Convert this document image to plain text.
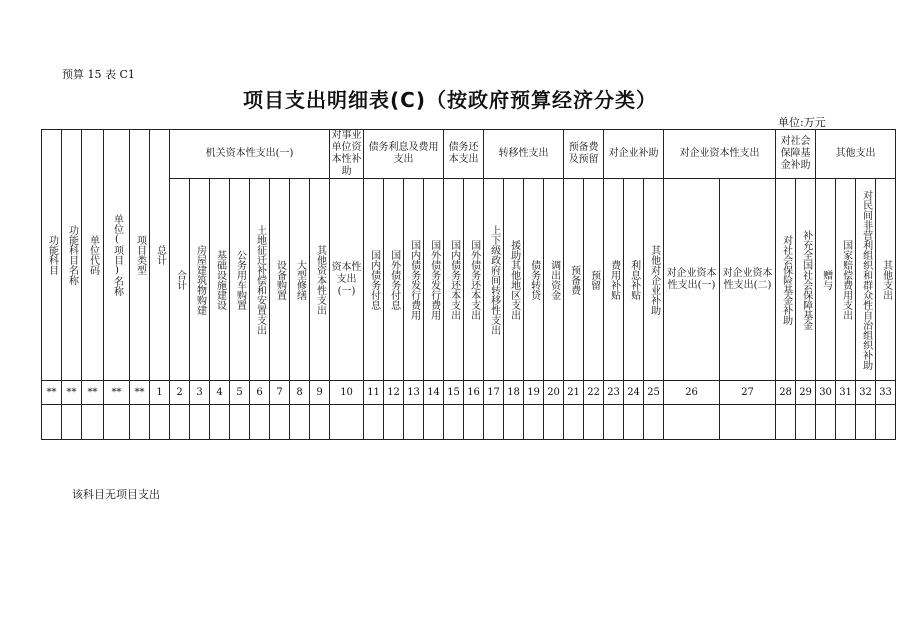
预算 15 表 C1
项目支出明细表(C)（按政府预算经济分类）
单位:万元
功能科目	功能科目名称	单位代码	单位(项目)名称	项目类型	总计	机关资本性支出(一)								对事业单位资本性补助	债务利息及费用支出				债务还本支出		转移性支出				预备费及预留		对企业补助			对企业资本性支出		对社会保障基金补助		其他支出			
						合计	房屋建筑物购建	基础设施建设	公务用车购置	土地征迁补偿和安置支出	设备购置	大型修缮	其他资本性支出	资本性支出(一)	国内债务付息	国外债务付息	国内债务发行费用	国外债务发行费用	国内债务还本支出	国外债务还本支出	上下级政府间转移性支出	援助其他地区支出	债务转贷	调出资金	预备费	预留	费用补贴	利息补贴	其他对企业补助	对企业资本性支出(一)	对企业资本性支出(二)	对社会保险基金补助	补充全国社会保障基金	赠与	国家赔偿费用支出	对民间非营利组织和群众性自治组织补助	其他支出
**	**	**	**	**	1	2	3	4	5	6	7	8	9	10	11	12	13	14	15	16	17	18	19	20	21	22	23	24	25	26	27	28	29	30	31	32	33

该科目无项目支出
